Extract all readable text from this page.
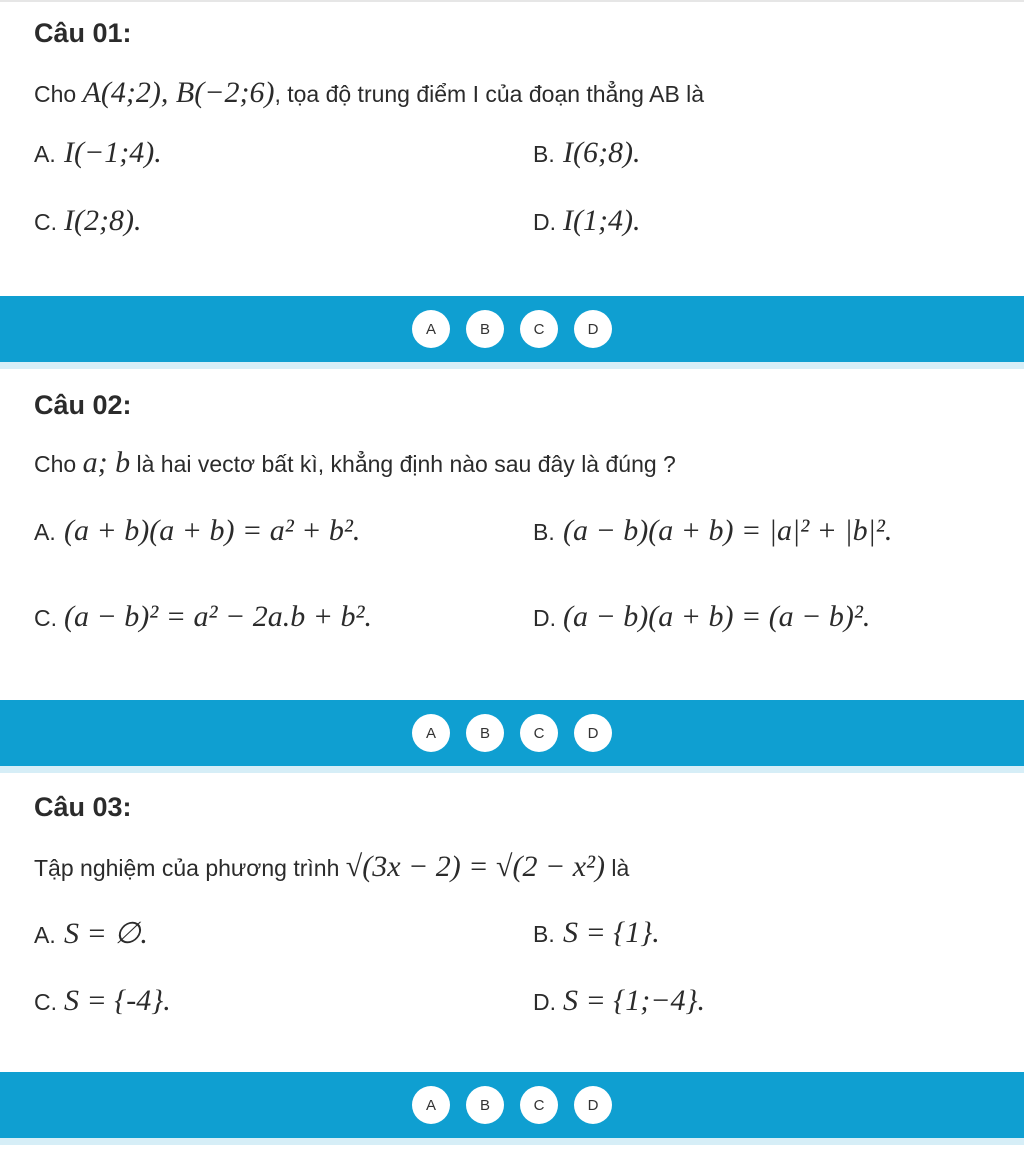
Câu 01:
Cho A(4;2), B(−2;6), tọa độ trung điểm I của đoạn thẳng AB là
A. I(−1;4).	B. I(6;8).
C. I(2;8).	D. I(1;4).
A	B	C	D
Câu 02:
Cho a; b là hai vectơ bất kì, khẳng định nào sau đây là đúng ?
A. (a + b)(a + b) = a² + b².	B. (a − b)(a + b) = |a|² + |b|².
C. (a − b)² = a² − 2a.b + b².	D. (a − b)(a + b) = (a − b)².
A	B	C	D
Câu 03:
Tập nghiệm của phương trình √(3x − 2) = √(2 − x²) là
A. S = ∅.	B. S = {1}.
C. S = {-4}.	D. S = {1;−4}.
A	B	C	D
